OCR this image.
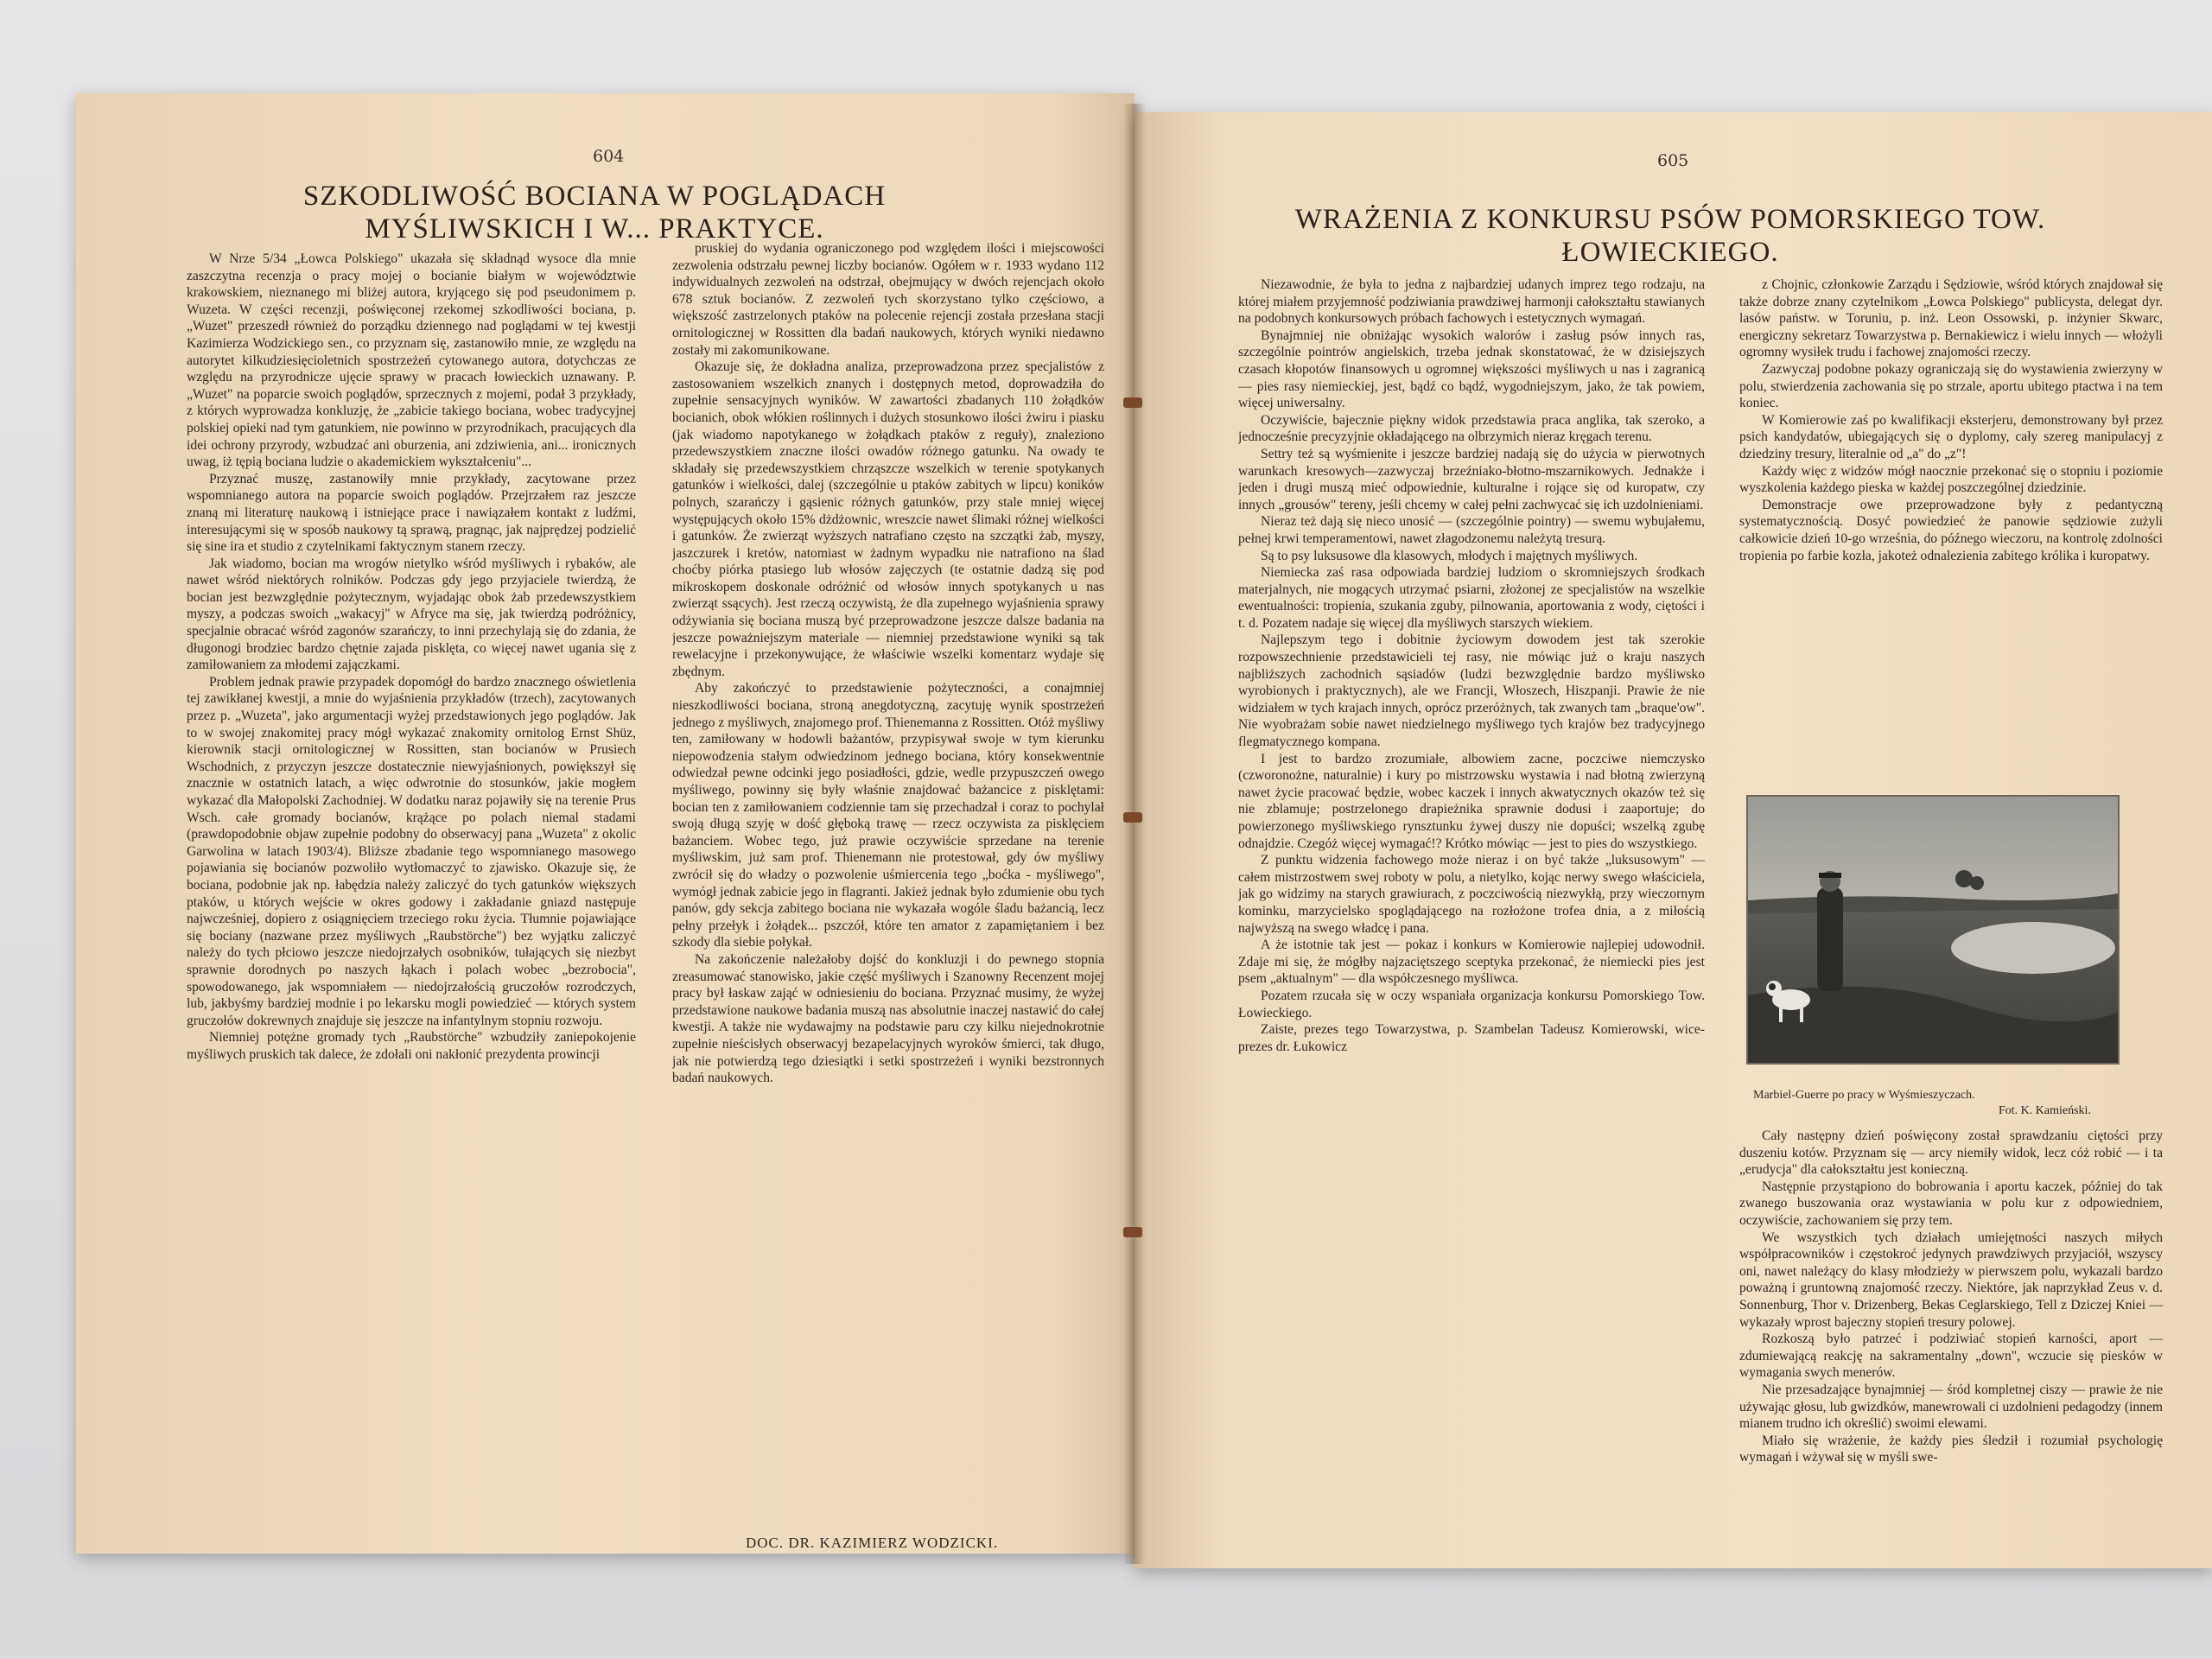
604
SZKODLIWOŚĆ BOCIANA W POGLĄDACH MYŚLIWSKICH I W... PRAKTYCE.

W Nrze 5/34 „Łowca Polskiego" ukazała się składnąd wysoce dla mnie zaszczytna recenzja o pracy mojej o bocianie białym w województwie krakowskiem, nieznanego mi bliżej autora, kryjącego się pod pseudonimem p. Wuzeta. W części recenzji, poświęconej rzekomej szkodliwości bociana, p. „Wuzet" przeszedł również do porządku dziennego nad poglądami w tej kwestji Kazimierza Wodzickiego sen., co przyznam się, zastanowiło mnie, ze względu na autorytet kilkudziesięcioletnich spostrzeżeń cytowanego autora, dotychczas ze względu na przyrodnicze ujęcie sprawy w pracach łowieckich uznawany. P. „Wuzet" na poparcie swoich poglądów, sprzecznych z mojemi, podał 3 przykłady, z których wyprowadza konkluzję, że „zabicie takiego bociana, wobec tradycyjnej polskiej opieki nad tym gatunkiem, nie powinno w przyrodnikach, pracujących dla idei ochrony przyrody, wzbudzać ani oburzenia, ani zdziwienia, ani... ironicznych uwag, iż tępią bociana ludzie o akademickiem wykształceniu"...

Przyznać muszę, zastanowiły mnie przykłady, zacytowane przez wspomnianego autora na poparcie swoich poglądów. Przejrzałem raz jeszcze znaną mi literaturę naukową i istniejące prace i nawiązałem kontakt z ludźmi, interesującymi się w sposób naukowy tą sprawą, pragnąc, jak najprędzej podzielić się sine ira et studio z czytelnikami faktycznym stanem rzeczy.

Jak wiadomo, bocian ma wrogów nietylko wśród myśliwych i rybaków, ale nawet wśród niektórych rolników. Podczas gdy jego przyjaciele twierdzą, że bocian jest bezwzględnie pożytecznym, wyjadając obok żab przedewszystkiem myszy, a podczas swoich „wakacyj" w Afryce ma się, jak twierdzą podróżnicy, specjalnie obracać wśród zagonów szarańczy, to inni przechylają się do zdania, że długonogi brodziec bardzo chętnie zajada pisklęta, co więcej nawet ugania się z zamiłowaniem za młodemi zajączkami.

Problem jednak prawie przypadek dopomógł do bardzo znacznego oświetlenia tej zawikłanej kwestji, a mnie do wyjaśnienia przykładów (trzech), zacytowanych przez p. „Wuzeta", jako argumentacji wyżej przedstawionych jego poglądów. Jak to w swojej znakomitej pracy mógł wykazać znakomity ornitolog Ernst Shüz, kierownik stacji ornitologicznej w Rossitten, stan bocianów w Prusiech Wschodnich, z przyczyn jeszcze dostatecznie niewyjaśnionych, powiększył się znacznie w ostatnich latach, a więc odwrotnie do stosunków, jakie mogłem wykazać dla Małopolski Zachodniej. W dodatku naraz pojawiły się na terenie Prus Wsch. całe gromady bocianów, krążące po polach niemal stadami (prawdopodobnie objaw zupełnie podobny do obserwacyj pana „Wuzeta" z okolic Garwolina w latach 1903/4). Bliższe zbadanie tego wspomnianego masowego pojawiania się bocianów pozwoliło wytłomaczyć to zjawisko. Okazuje się, że bociana, podobnie jak np. łabędzia należy zaliczyć do tych gatunków większych ptaków, u których wejście w okres godowy i zakładanie gniazd następuje najwcześniej, dopiero z osiągnięciem trzeciego roku życia. Tłumnie pojawiające się bociany (nazwane przez myśliwych „Raubstörche") bez wyjątku zaliczyć należy do tych płciowo jeszcze niedojrzałych osobników, tułających się niezbyt sprawnie dorodnych po naszych łąkach i polach wobec „bezrobocia", spowodowanego, jak wspomniałem — niedojrzałością gruczołów rozrodczych, lub, jakbyśmy bardziej modnie i po lekarsku mogli powiedzieć — których system gruczołów dokrewnych znajduje się jeszcze na infantylnym stopniu rozwoju.

Niemniej potężne gromady tych „Raubstörche" wzbudziły zaniepokojenie myśliwych pruskich tak dalece, że zdołali oni nakłonić prezydenta prowincji

pruskiej do wydania ograniczonego pod względem ilości i miejscowości zezwolenia odstrzału pewnej liczby bocianów. Ogółem w r. 1933 wydano 112 indywidualnych zezwoleń na odstrzał, obejmujący w dwóch rejencjach około 678 sztuk bocianów. Z zezwoleń tych skorzystano tylko częściowo, a większość zastrzelonych ptaków na polecenie rejencji została przesłana stacji ornitologicznej w Rossitten dla badań naukowych, których wyniki niedawno zostały mi zakomunikowane.

Okazuje się, że dokładna analiza, przeprowadzona przez specjalistów z zastosowaniem wszelkich znanych i dostępnych metod, doprowadziła do zupełnie sensacyjnych wyników. W zawartości zbadanych 110 żołądków bocianich, obok włókien roślinnych i dużych stosunkowo ilości żwiru i piasku (jak wiadomo napotykanego w żołądkach ptaków z reguły), znaleziono przedewszystkiem znaczne ilości owadów różnego gatunku. Na owady te składały się przedewszystkiem chrząszcze wszelkich w terenie spotykanych gatunków i wielkości, dalej (szczególnie u ptaków zabitych w lipcu) koników polnych, szarańczy i gąsienic różnych gatunków, przy stale mniej więcej występujących około 15% dżdżownic, wreszcie nawet ślimaki różnej wielkości i gatunków. Że zwierząt wyższych natrafiano często na szczątki żab, myszy, jaszczurek i kretów, natomiast w żadnym wypadku nie natrafiono na ślad choćby piórka ptasiego lub włosów zajęczych (te ostatnie dadzą się pod mikroskopem doskonale odróżnić od włosów innych spotykanych u nas zwierząt ssących). Jest rzeczą oczywistą, że dla zupełnego wyjaśnienia sprawy odżywiania się bociana muszą być przeprowadzone jeszcze dalsze badania na jeszcze poważniejszym materiale — niemniej przedstawione wyniki są tak rewelacyjne i przekonywujące, że właściwie wszelki komentarz wydaje się zbędnym.

Aby zakończyć to przedstawienie pożyteczności, a conajmniej nieszkodliwości bociana, stroną anegdotyczną, zacytuję wynik spostrzeżeń jednego z myśliwych, znajomego prof. Thienemanna z Rossitten. Otóż myśliwy ten, zamiłowany w hodowli bażantów, przypisywał swoje w tym kierunku niepowodzenia stałym odwiedzinom jednego bociana, który konsekwentnie odwiedzał pewne odcinki jego posiadłości, gdzie, wedle przypuszczeń owego myśliwego, powinny się były właśnie znajdować bażancice z pisklętami: bocian ten z zamiłowaniem codziennie tam się przechadzał i coraz to pochylał swoją długą szyję w dość głęboką trawę — rzecz oczywista za pisklęciem bażanciem. Wobec tego, już prawie oczywiście sprzedane na terenie myśliwskim, już sam prof. Thienemann nie protestował, gdy ów myśliwy zwrócił się do władzy o pozwolenie uśmiercenia tego „boćka - myśliwego", wymógł jednak zabicie jego in flagranti. Jakież jednak było zdumienie obu tych panów, gdy sekcja zabitego bociana nie wykazała wogóle śladu bażancią, lecz pełny przełyk i żołądek... pszczół, które ten amator z zapamiętaniem i bez szkody dla siebie połykał.

Na zakończenie należałoby dojść do konkluzji i do pewnego stopnia zreasumować stanowisko, jakie część myśliwych i Szanowny Recenzent mojej pracy był łaskaw zająć w odniesieniu do bociana. Przyznać musimy, że wyżej przedstawione naukowe badania muszą nas absolutnie inaczej nastawić do całej kwestji. A także nie wydawajmy na podstawie paru czy kilku niejednokrotnie zupełnie nieścisłych obserwacyj bezapelacyjnych wyroków śmierci, tak długo, jak nie potwierdzą tego dziesiątki i setki spostrzeżeń i wyniki bezstronnych badań naukowych.

DOC. DR. KAZIMIERZ WODZICKI.
605
WRAŻENIA Z KONKURSU PSÓW POMORSKIEGO TOW. ŁOWIECKIEGO.

Niezawodnie, że była to jedna z najbardziej udanych imprez tego rodzaju, na której miałem przyjemność podziwiania prawdziwej harmonji całokształtu stawianych na podobnych konkursowych próbach fachowych i estetycznych wymagań.

Bynajmniej nie obniżając wysokich walorów i zasług psów innych ras, szczególnie pointrów angielskich, trzeba jednak skonstatować, że w dzisiejszych czasach kłopotów finansowych u ogromnej większości myśliwych u nas i zagranicą — pies rasy niemieckiej, jest, bądź co bądź, wygodniejszym, jako, że tak powiem, więcej uniwersalny.

Oczywiście, bajecznie piękny widok przedstawia praca anglika, tak szeroko, a jednocześnie precyzyjnie okładającego na olbrzymich nieraz kręgach terenu.

Settry też są wyśmienite i jeszcze bardziej nadają się do użycia w pierwotnych warunkach kresowych—zazwyczaj brzeźniako-błotno-mszarnikowych. Jednakże i jeden i drugi muszą mieć odpowiednie, kulturalne i rojące się od kuropatw, czy innych „grousów" tereny, jeśli chcemy w całej pełni zachwycać się ich uzdolnieniami.

Nieraz też dają się nieco unosić — (szczególnie pointry) — swemu wybujałemu, pełnej krwi temperamentowi, nawet złagodzonemu należytą tresurą.

Są to psy luksusowe dla klasowych, młodych i majętnych myśliwych.

Niemiecka zaś rasa odpowiada bardziej ludziom o skromniejszych środkach materjalnych, nie mogących utrzymać psiarni, złożonej ze specjalistów na wszelkie ewentualności: tropienia, szukania zguby, pilnowania, aportowania z wody, ciętości i t. d. Pozatem nadaje się więcej dla myśliwych starszych wiekiem.

Najlepszym tego i dobitnie życiowym dowodem jest tak szerokie rozpowszechnienie przedstawicieli tej rasy, nie mówiąc już o kraju naszych najbliższych zachodnich sąsiadów (ludzi bezwzględnie bardzo myśliwsko wyrobionych i praktycznych), ale we Francji, Włoszech, Hiszpanji. Prawie że nie widziałem w tych krajach innych, oprócz przeróżnych, tak zwanych tam „braque'ow". Nie wyobrażam sobie nawet niedzielnego myśliwego tych krajów bez tradycyjnego flegmatycznego kompana.

I jest to bardzo zrozumiałe, albowiem zacne, poczciwe niemczysko (czworonożne, naturalnie) i kury po mistrzowsku wystawia i nad błotną zwierzyną nawet życie pracować będzie, wobec kaczek i innych akwatycznych okazów też się nie zblamuje; postrzelonego drapieżnika sprawnie dodusi i zaaportuje; do powierzonego myśliwskiego rynsztunku żywej duszy nie dopuści; wszelką zgubę odnajdzie. Czegóż więcej wymagać!? Krótko mówiąc — jest to pies do wszystkiego.

Z punktu widzenia fachowego może nieraz i on być także „luksusowym" — całem mistrzostwem swej roboty w polu, a nietylko, kojąc nerwy swego właściciela, jak go widzimy na starych grawiurach, z poczciwością niezwykłą, przy wieczornym kominku, marzycielsko spoglądającego na rozłożone trofea dnia, a z miłością najwyższą na swego władcę i pana.

A że istotnie tak jest — pokaz i konkurs w Komierowie najlepiej udowodnił. Zdaje mi się, że mógłby najzaciętszego sceptyka przekonać, że niemiecki pies jest psem „aktualnym" — dla współczesnego myśliwca.

Pozatem rzucała się w oczy wspaniała organizacja konkursu Pomorskiego Tow. Łowieckiego.

Zaiste, prezes tego Towarzystwa, p. Szambelan Tadeusz Komierowski, wice-prezes dr. Łukowicz

z Chojnic, członkowie Zarządu i Sędziowie, wśród których znajdował się także dobrze znany czytelnikom „Łowca Polskiego" publicysta, delegat dyr. lasów państw. w Toruniu, p. inż. Leon Ossowski, p. inżynier Skwarc, energiczny sekretarz Towarzystwa p. Bernakiewicz i wielu innych — włożyli ogromny wysiłek trudu i fachowej znajomości rzeczy.

Zazwyczaj podobne pokazy ograniczają się do wystawienia zwierzyny w polu, stwierdzenia zachowania się po strzale, aportu ubitego ptactwa i na tem koniec.

W Komierowie zaś po kwalifikacji eksterjeru, demonstrowany był przez psich kandydatów, ubiegających się o dyplomy, cały szereg manipulacyj z dziedziny tresury, literalnie od „a" do „z"!

Każdy więc z widzów mógł naocznie przekonać się o stopniu i poziomie wyszkolenia każdego pieska w każdej poszczególnej dziedzinie.

Demonstracje owe przeprowadzone były z pedantyczną systematycznością. Dosyć powiedzieć że panowie sędziowie zużyli całkowicie dzień 10-go września, do późnego wieczoru, na kontrolę zdolności tropienia po farbie kozła, jakoteż odnalezienia zabitego królika i kuropatwy.

Marbiel-Guerre po pracy w Wyśmieszyczach.
Fot. K. Kamieński.

Cały następny dzień poświęcony został sprawdzaniu ciętości przy duszeniu kotów. Przyznam się — arcy niemiły widok, lecz cóż robić — i ta „erudycja" dla całokształtu jest konieczną.

Następnie przystąpiono do bobrowania i aportu kaczek, później do tak zwanego buszowania oraz wystawiania w polu kur z odpowiedniem, oczywiście, zachowaniem się przy tem.

We wszystkich tych działach umiejętności naszych miłych współpracowników i częstokroć jedynych prawdziwych przyjaciół, wszyscy oni, nawet należący do klasy młodzieży w pierwszem polu, wykazali bardzo poważną i gruntowną znajomość rzeczy. Niektóre, jak naprzykład Zeus v. d. Sonnenburg, Thor v. Drizenberg, Bekas Ceglarskiego, Tell z Dziczej Kniei — wykazały wprost bajeczny stopień tresury polowej.

Rozkoszą było patrzeć i podziwiać stopień karności, aport — zdumiewającą reakcję na sakramentalny „down", wczucie się piesków w wymagania swych menerów.

Nie przesadzające bynajmniej — śród kompletnej ciszy — prawie że nie używając głosu, lub gwizdków, manewrowali ci uzdolnieni pedagodzy (innem mianem trudno ich określić) swoimi elewami.

Miało się wrażenie, że każdy pies śledził i rozumiał psychologię wymagań i wżywał się w myśli swe-
